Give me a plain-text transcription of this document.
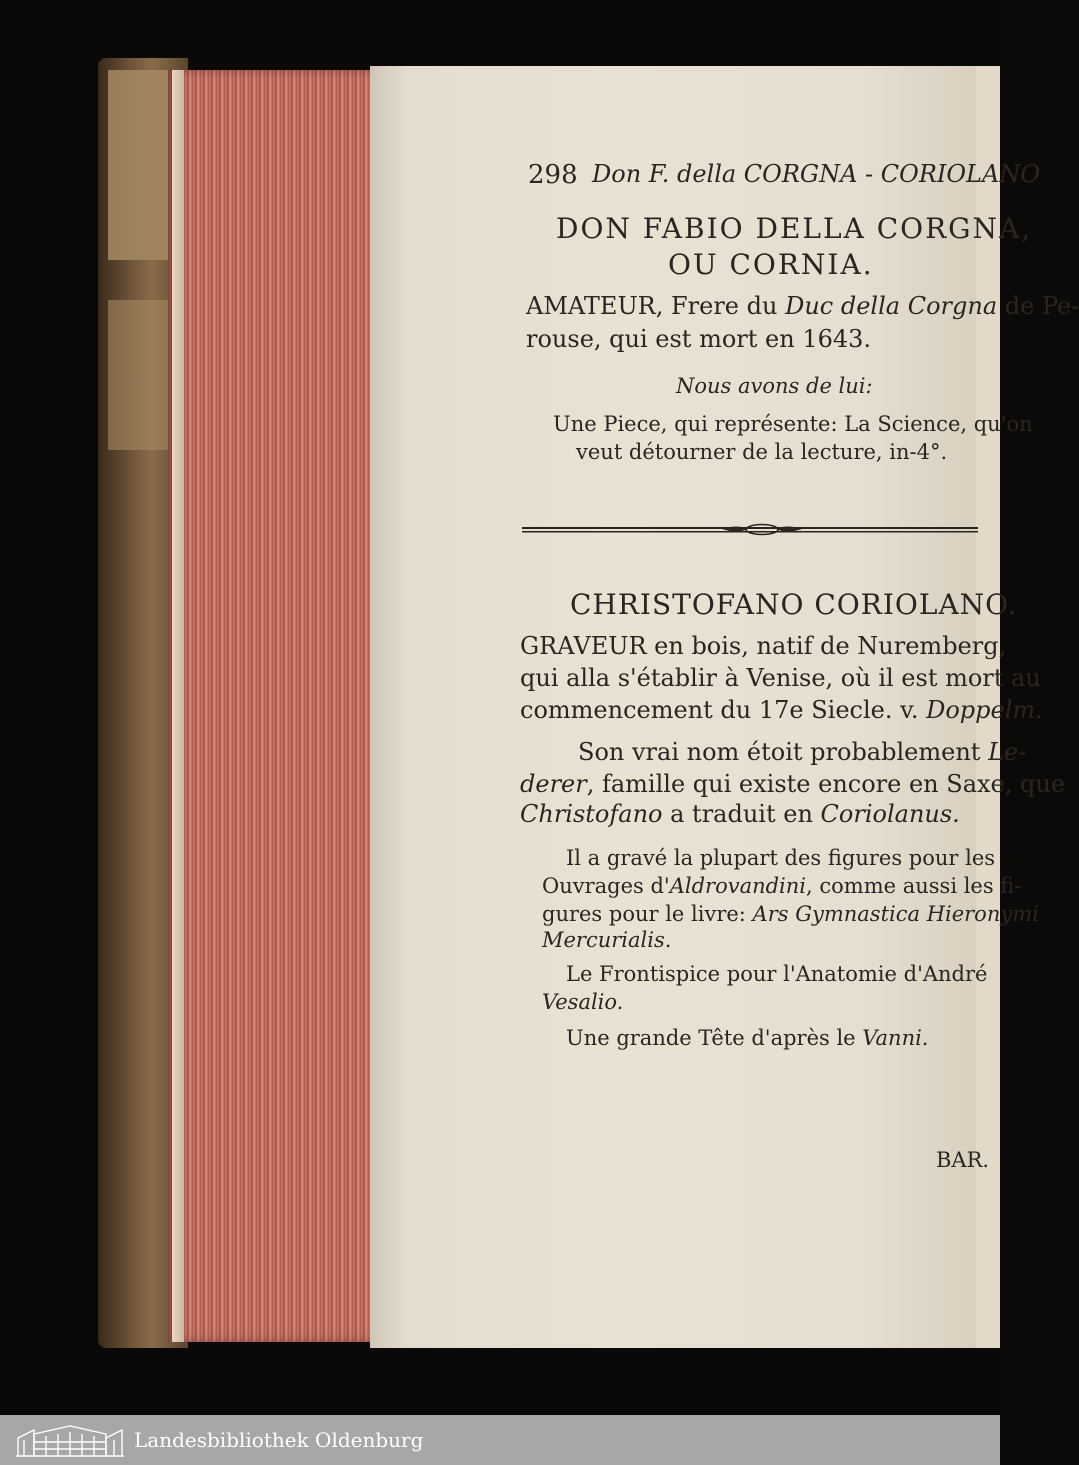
298 Don F. della CORGNA - CORIOLANO
DON FABIO DELLA CORGNA,
OU CORNIA.
AMATEUR, Frere du Duc della Corgna de Pe-
rouse, qui est mort en 1643.
Nous avons de lui:
Une Piece, qui représente: La Science, qu'on
veut détourner de la lecture, in-4°.
CHRISTOFANO CORIOLANO.
GRAVEUR en bois, natif de Nuremberg,
qui alla s'établir à Venise, où il est mort au
commencement du 17e Siecle. v. Doppelm.
Son vrai nom étoit probablement Le-
derer, famille qui existe encore en Saxe, que
Christofano a traduit en Coriolanus.
Il a gravé la plupart des figures pour les
Ouvrages d'Aldrovandini, comme aussi les fi-
gures pour le livre: Ars Gymnastica Hieronymi
Mercurialis.
Le Frontispice pour l'Anatomie d'André
Vesalio.
Une grande Tête d'après le Vanni.
BAR.
Landesbibliothek Oldenburg
